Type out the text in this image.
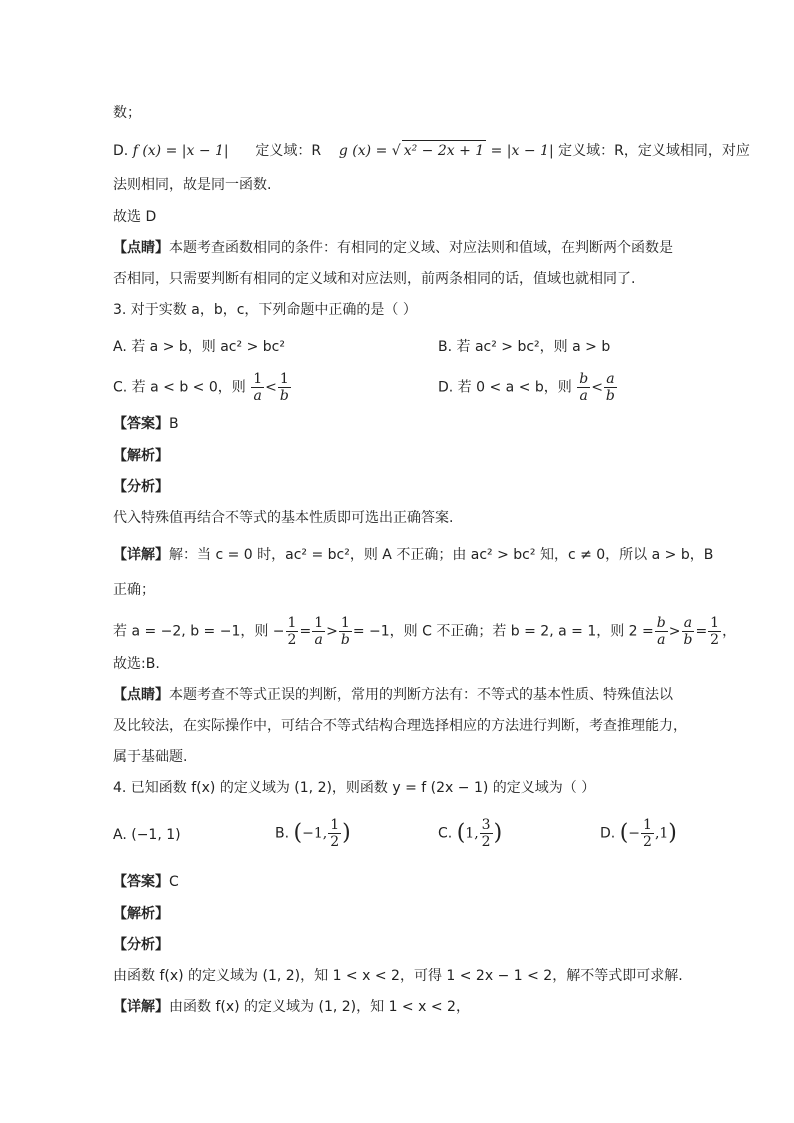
数；
D. f (x) = |x − 1| 定义域：R g (x) = √ x² − 2x + 1 = |x − 1| 定义域：R，定义域相同，对应
法则相同，故是同一函数.
故选 D
【点睛】本题考查函数相同的条件：有相同的定义域、对应法则和值域，在判断两个函数是
否相同，只需要判断有相同的定义域和对应法则，前两条相同的话，值域也就相同了.
3. 对于实数 a，b，c，下列命题中正确的是（ ）
A. 若 a > b，则 ac² > bc²	B. 若 ac² > bc²，则 a > b
C. 若 a < b < 0，则 $\frac{1}{a} < \frac{1}{b}$	D. 若 0 < a < b，则 $\frac{b}{a} < \frac{a}{b}$
【答案】B
【解析】
【分析】
代入特殊值再结合不等式的基本性质即可选出正确答案.
【详解】解：当 c = 0 时，ac² = bc²，则 A 不正确；由 ac² > bc² 知，c ≠ 0，所以 a > b，B
正确；
若 a = −2, b = −1，则 − $\frac{1}{2} = \frac{1}{a} > \frac{1}{b} = -1$，则 C 不正确；若 b = 2, a = 1，则 $2 = \frac{b}{a} > \frac{a}{b} = \frac{1}{2}$ ，
故选:B.
【点睛】本题考查不等式正误的判断，常用的判断方法有：不等式的基本性质、特殊值法以
及比较法，在实际操作中，可结合不等式结构合理选择相应的方法进行判断，考查推理能力，
属于基础题.
4. 已知函数 f(x) 的定义域为 (1, 2)，则函数 y = f (2x − 1) 的定义域为（ ）
A. (−1, 1)	B. (−1, $\frac{1}{2}$ )	C. (1, $\frac{3}{2}$ )	D. (− $\frac{1}{2} ,1$)
【答案】C
【解析】
【分析】
由函数 f(x) 的定义域为 (1, 2)，知 1 < x < 2，可得 1 < 2x − 1 < 2，解不等式即可求解.
【详解】由函数 f(x) 的定义域为 (1, 2)，知 1 < x < 2，
